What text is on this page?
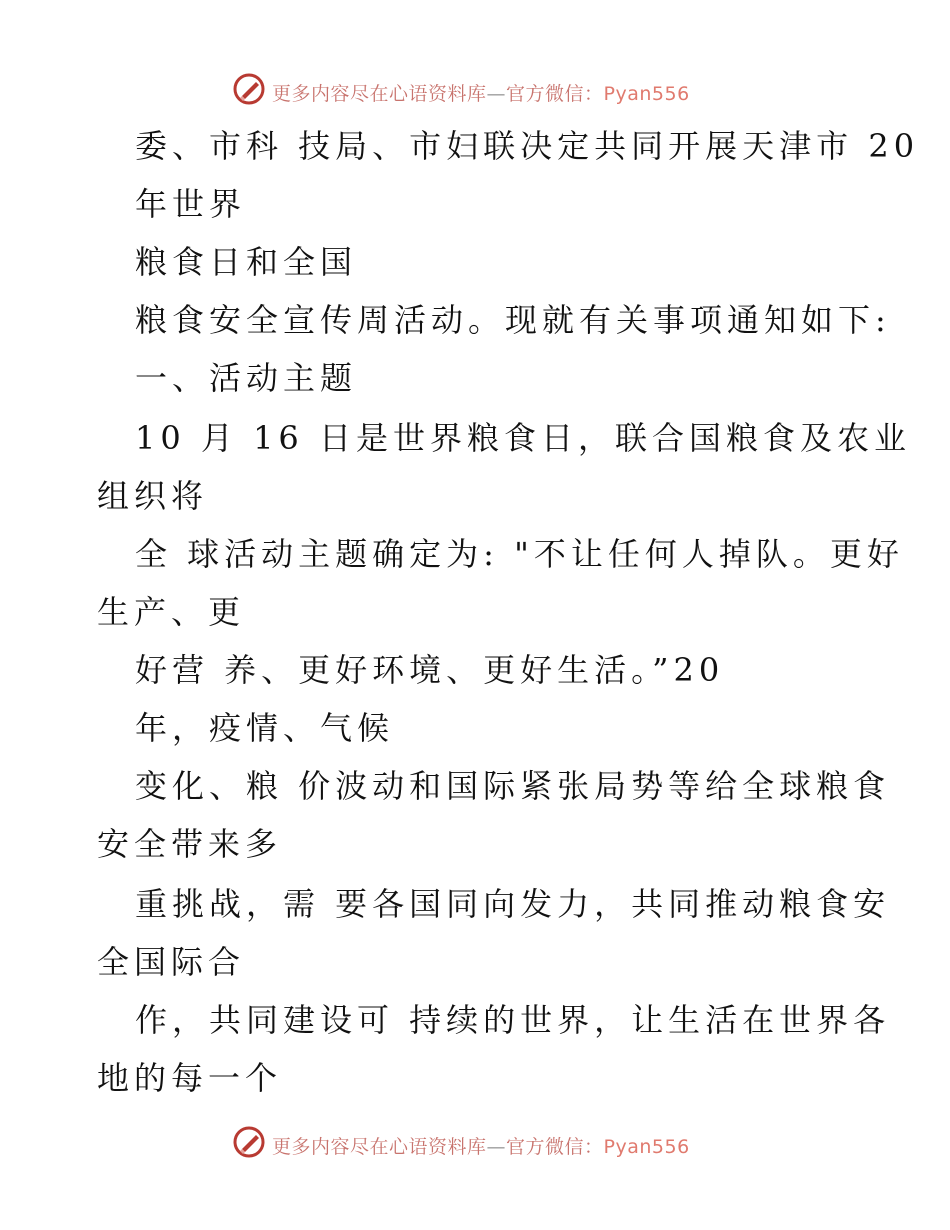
更多内容尽在心语资料库—官方微信：Pyan556
委、市科 技局、市妇联决定共同开展天津市 20
年世界
粮食日和全国
粮食安全宣传周活动。现就有关事项通知如下:
一、活动主题
10 月 16 日是世界粮食日，联合国粮食及农业
组织将
全 球活动主题确定为: "不让任何人掉队。更好
生产、更
好营 养、更好环境、更好生活。”20
年，疫情、气候
变化、粮 价波动和国际紧张局势等给全球粮食
安全带来多
重挑战，需 要各国同向发力，共同推动粮食安
全国际合
作，共同建设可 持续的世界，让生活在世界各
地的每一个
更多内容尽在心语资料库—官方微信：Pyan556
